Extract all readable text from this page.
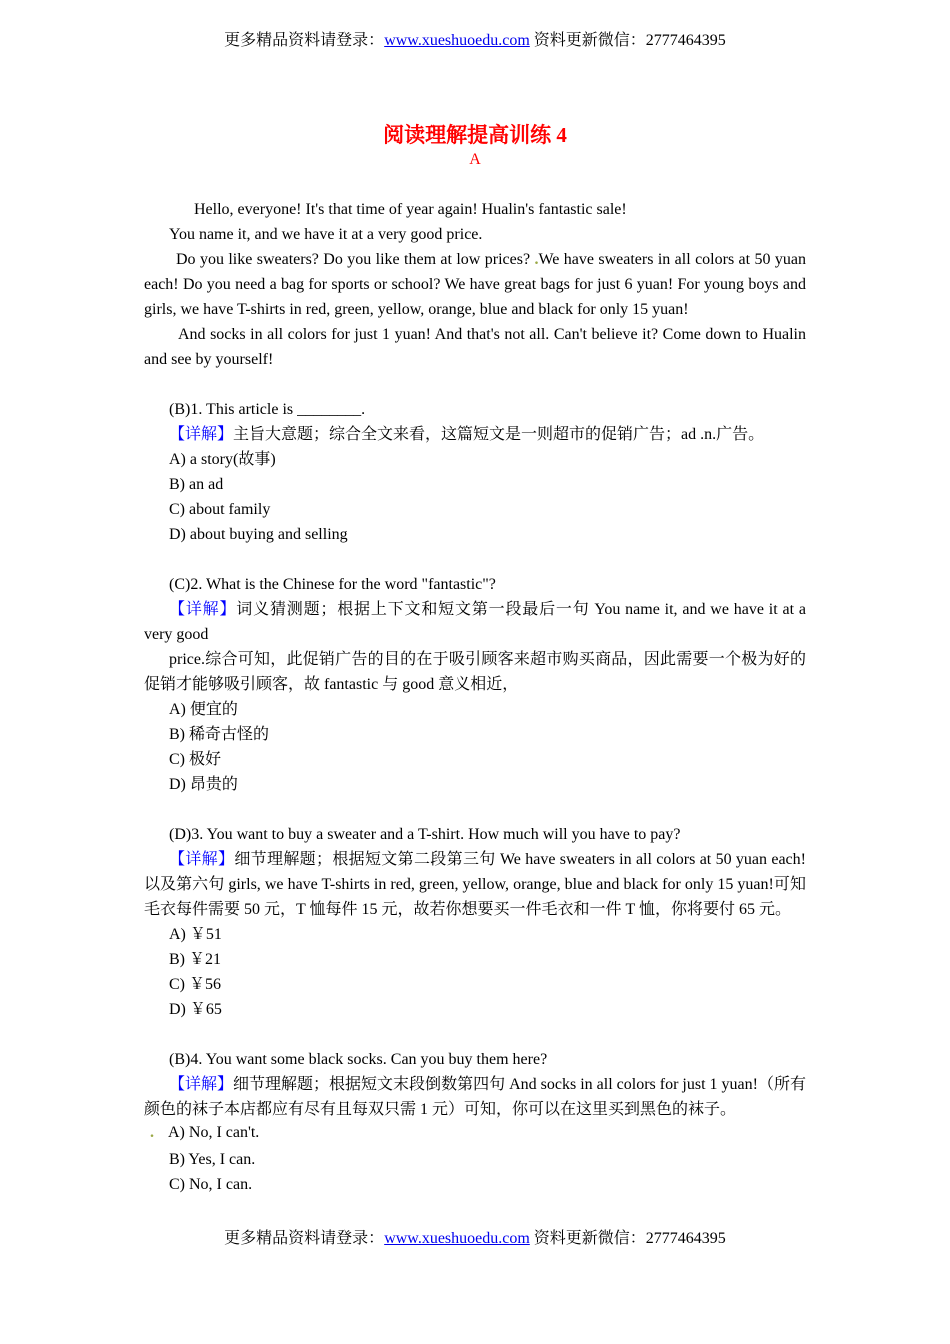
更多精品资料请登录：www.xueshuoedu.com 资料更新微信：2777464395
阅读理解提高训练 4
A

Hello, everyone! It's that time of year again! Hualin's fantastic sale!

You name it, and we have it at a very good price.

Do you like sweaters? Do you like them at low prices? .We have sweaters in all colors at 50 yuan each! Do you need a bag for sports or school? We have great bags for just 6 yuan! For young boys and girls, we have T-shirts in red, green, yellow, orange, blue and black for only 15 yuan!

And socks in all colors for just 1 yuan! And that's not all. Can't believe it? Come down to Hualin and see by yourself!

(B)1. This article is ________.

【详解】主旨大意题；综合全文来看，这篇短文是一则超市的促销广告；ad .n.广告。

A) a story(故事)

B) an ad

C) about family

D) about buying and selling

(C)2. What is the Chinese for the word "fantastic"?

【详解】词义猜测题；根据上下文和短文第一段最后一句 You name it, and we have it at a very good

price.综合可知，此促销广告的目的在于吸引顾客来超市购买商品，因此需要一个极为好的促销才能够吸引顾客，故 fantastic 与 good 意义相近，

A) 便宜的

B) 稀奇古怪的

C) 极好

D) 昂贵的

(D)3. You want to buy a sweater and a T-shirt. How much will you have to pay?

【详解】细节理解题；根据短文第二段第三句 We have sweaters in all colors at 50 yuan each!以及第六句 girls, we have T-shirts in red, green, yellow, orange, blue and black for only 15 yuan!可知毛衣每件需要 50 元，T 恤每件 15 元，故若你想要买一件毛衣和一件 T 恤，你将要付 65 元。

A) ￥51

B) ￥21

C) ￥56

D) ￥65

(B)4. You want some black socks. Can you buy them here?

【详解】细节理解题；根据短文末段倒数第四句 And socks in all colors for just 1 yuan!（所有颜色的袜子本店都应有尽有且每双只需 1 元）可知，你可以在这里买到黑色的袜子。

. A) No, I can't.

B) Yes, I can.

C) No, I can.

更多精品资料请登录：www.xueshuoedu.com 资料更新微信：2777464395
